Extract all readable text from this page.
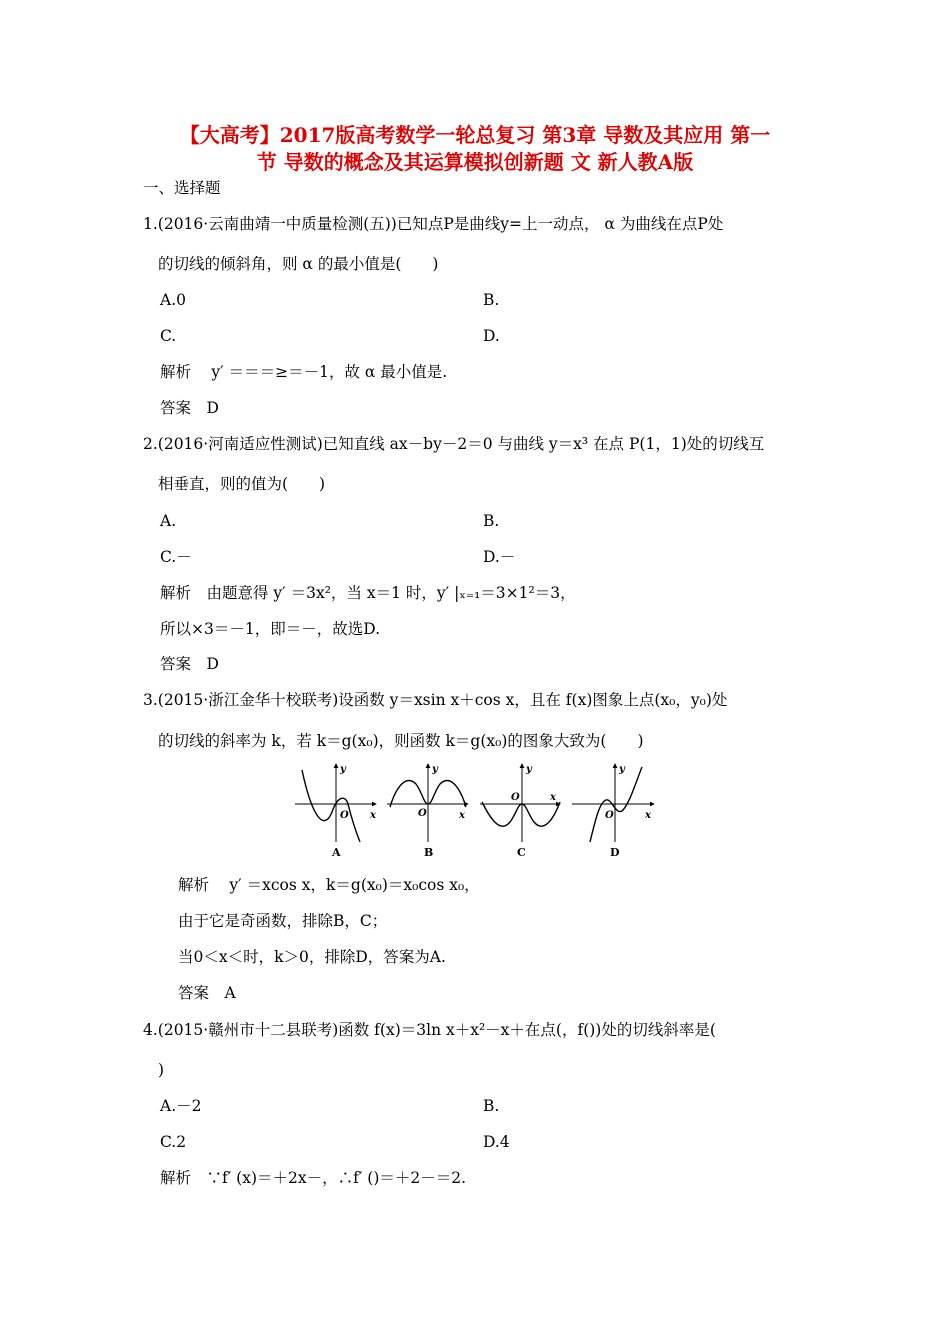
【大高考】2017版高考数学一轮总复习 第3章 导数及其应用 第一
节 导数的概念及其运算模拟创新题 文 新人教A版
一、选择题
1.(2016·云南曲靖一中质量检测(五))已知点P是曲线y=上一动点， α 为曲线在点P处
的切线的倾斜角，则 α 的最小值是(　　)
A.0	B.
C.	D.
解析　 y′ ＝＝＝≥＝－1，故 α 最小值是.
答案　D
2.(2016·河南适应性测试)已知直线 ax－by－2＝0 与曲线 y＝x³ 在点 P(1，1)处的切线互
相垂直，则的值为(　　)
A.	B.
C.－	D.－
解析　由题意得 y′ ＝3x²，当 x＝1 时，y′ |ₓ₌₁＝3×1²＝3，
所以×3＝－1，即＝－，故选D.
答案　D
3.(2015·浙江金华十校联考)设函数 y＝xsin x＋cos x，且在 f(x)图象上点(x₀，y₀)处
的切线的斜率为 k，若 k＝g(x₀)，则函数 k＝g(x₀)的图象大致为(　　)
y
x
O
A
y
x
O
B
y
x
O
C
y
x
O
D
解析　 y′ ＝xcos x，k＝g(x₀)＝x₀cos x₀，
由于它是奇函数，排除B，C；
当0＜x＜时，k＞0，排除D，答案为A.
答案　A
4.(2015·赣州市十二县联考)函数 f(x)＝3ln x＋x²－x＋在点(，f())处的切线斜率是(
)
A.－2	B.
C.2	D.4
解析　∵f′ (x)＝＋2x－，∴f′ ()＝＋2－＝2.
